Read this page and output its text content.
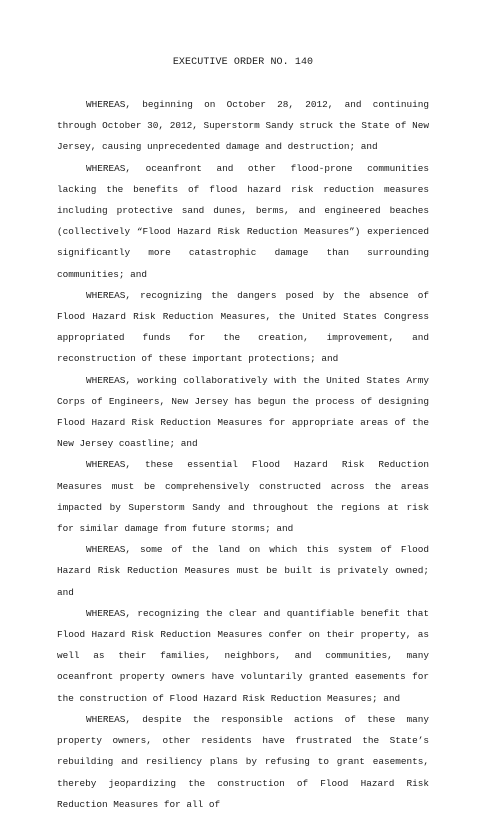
EXECUTIVE ORDER NO. 140

WHEREAS, beginning on October 28, 2012, and continuing through October 30, 2012, Superstorm Sandy struck the State of New Jersey, causing unprecedented damage and destruction; and

WHEREAS, oceanfront and other flood-prone communities lacking the benefits of flood hazard risk reduction measures including protective sand dunes, berms, and engineered beaches (collectively “Flood Hazard Risk Reduction Measures”) experienced significantly more catastrophic damage than surrounding communities; and

WHEREAS, recognizing the dangers posed by the absence of Flood Hazard Risk Reduction Measures, the United States Congress appropriated funds for the creation, improvement, and reconstruction of these important protections; and

WHEREAS, working collaboratively with the United States Army Corps of Engineers, New Jersey has begun the process of designing Flood Hazard Risk Reduction Measures for appropriate areas of the New Jersey coastline; and

WHEREAS, these essential Flood Hazard Risk Reduction Measures must be comprehensively constructed across the areas impacted by Superstorm Sandy and throughout the regions at risk for similar damage from future storms; and

WHEREAS, some of the land on which this system of Flood Hazard Risk Reduction Measures must be built is privately owned; and

WHEREAS, recognizing the clear and quantifiable benefit that Flood Hazard Risk Reduction Measures confer on their property, as well as their families, neighbors, and communities, many oceanfront property owners have voluntarily granted easements for the construction of Flood Hazard Risk Reduction Measures; and

WHEREAS, despite the responsible actions of these many property owners, other residents have frustrated the State’s rebuilding and resiliency plans by refusing to grant easements, thereby jeopardizing the construction of Flood Hazard Risk Reduction Measures for all of
